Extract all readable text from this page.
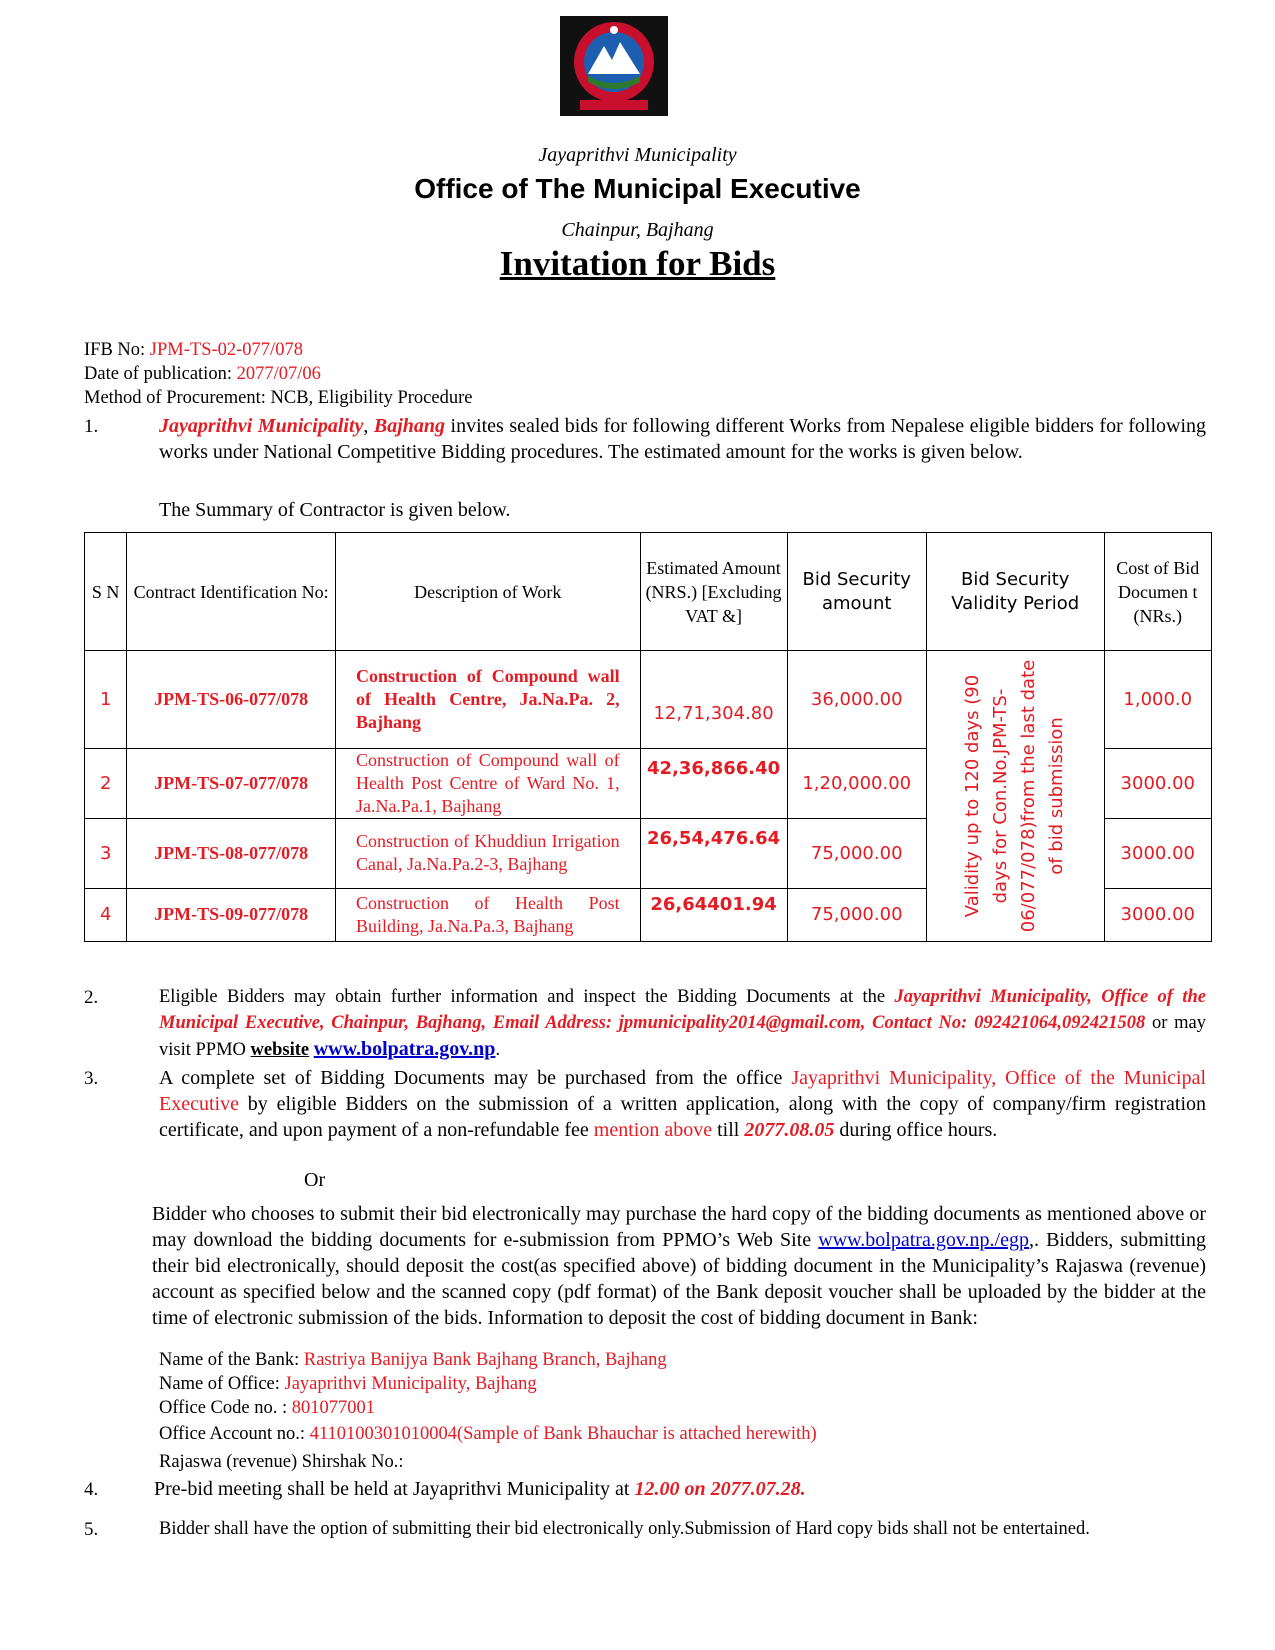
Jayaprithvi Municipality
Office of The Municipal Executive
Chainpur, Bajhang
Invitation for Bids
IFB No: JPM-TS-02-077/078
Date of publication: 2077/07/06
Method of Procurement: NCB, Eligibility Procedure
1.	Jayaprithvi Municipality, Bajhang invites sealed bids for following different Works from Nepalese eligible bidders for following works under National Competitive Bidding procedures. The estimated amount for the works is given below.
The Summary of Contractor is given below.
S N	Contract Identification No:	Description of Work	Estimated Amount (NRS.) [Excluding VAT &]	Bid Security amount	Bid Security Validity Period	Cost of Bid Documen t (NRs.)
1	JPM-TS-06-077/078	Construction of Compound wall of Health Centre, Ja.Na.Pa. 2, Bajhang	12,71,304.80	36,000.00	Validity up to 120 days (90 days for Con.No.JPM-TS-06/077/078)from the last date of bid submission	1,000.0
2	JPM-TS-07-077/078	Construction of Compound wall of Health Post Centre of Ward No. 1, Ja.Na.Pa.1, Bajhang	42,36,866.40	1,20,000.00		3000.00
3	JPM-TS-08-077/078	Construction of Khuddiun Irrigation Canal, Ja.Na.Pa.2-3, Bajhang	26,54,476.64	75,000.00		3000.00
4	JPM-TS-09-077/078	Construction of Health Post Building, Ja.Na.Pa.3, Bajhang	26,64401.94	75,000.00		3000.00
2.	Eligible Bidders may obtain further information and inspect the Bidding Documents at the Jayaprithvi Municipality, Office of the Municipal Executive, Chainpur, Bajhang, Email Address: jpmunicipality2014@gmail.com, Contact No: 092421064,092421508 or may visit PPMO website www.bolpatra.gov.np.
3.	A complete set of Bidding Documents may be purchased from the office Jayaprithvi Municipality, Office of the Municipal Executive by eligible Bidders on the submission of a written application, along with the copy of company/firm registration certificate, and upon payment of a non-refundable fee mention above till 2077.08.05 during office hours.
Or
Bidder who chooses to submit their bid electronically may purchase the hard copy of the bidding documents as mentioned above or may download the bidding documents for e-submission from PPMO’s Web Site www.bolpatra.gov.np./egp,. Bidders, submitting their bid electronically, should deposit the cost(as specified above) of bidding document in the Municipality’s Rajaswa (revenue) account as specified below and the scanned copy (pdf format) of the Bank deposit voucher shall be uploaded by the bidder at the time of electronic submission of the bids. Information to deposit the cost of bidding document in Bank:
Name of the Bank: Rastriya Banijya Bank Bajhang Branch, Bajhang
Name of Office: Jayaprithvi Municipality, Bajhang
Office Code no. : 801077001
Office Account no.: 4110100301010004(Sample of Bank Bhauchar is attached herewith)
Rajaswa (revenue) Shirshak No.:
4.	Pre-bid meeting shall be held at Jayaprithvi Municipality at 12.00 on 2077.07.28.
5.	Bidder shall have the option of submitting their bid electronically only.Submission of Hard copy bids shall not be entertained.
